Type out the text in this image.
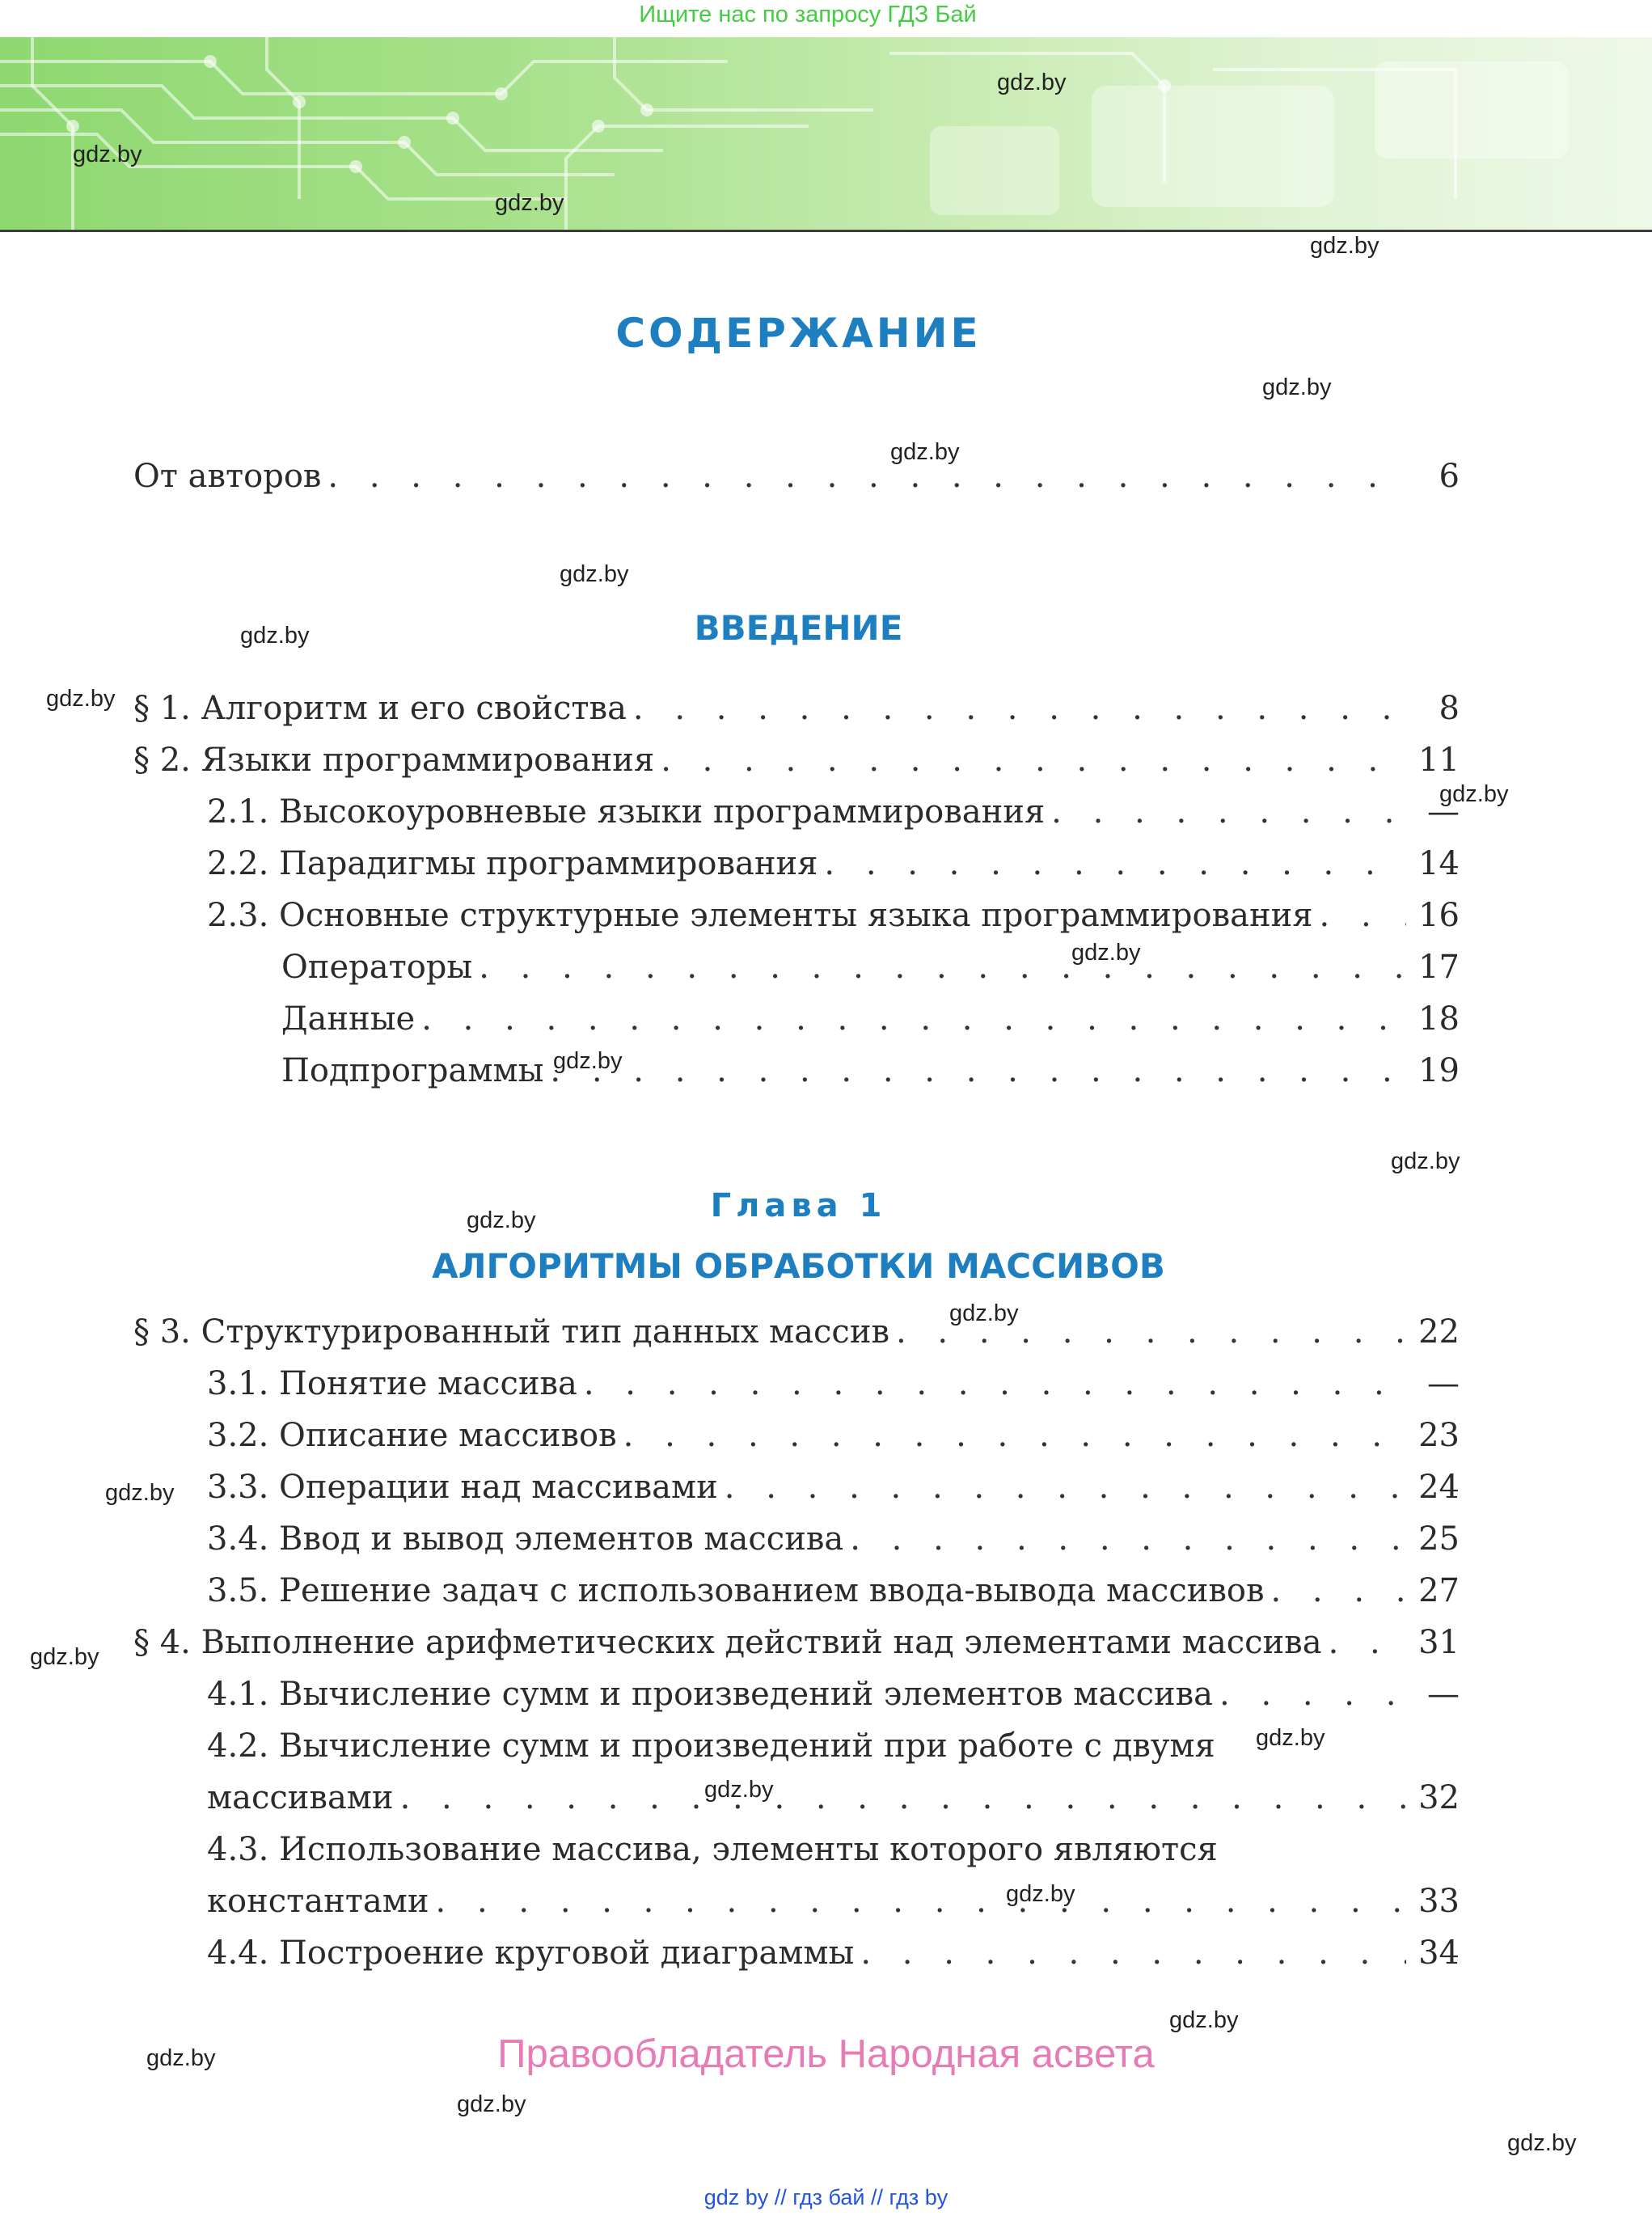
Ищите нас по запросу ГДЗ Бай
gdz.by
gdz.by
gdz.by
gdz.by
gdz.by
gdz.by
gdz.by
gdz.by
gdz.by
gdz.by
gdz.by
gdz.by
gdz.by
gdz.by
gdz.by
gdz.by
gdz.by
gdz.by
gdz.by
gdz.by
gdz.by
gdz.by
gdz.by
gdz.by
СОДЕРЖАНИЕ
ВВЕДЕНИЕ
Глава 1
АЛГОРИТМЫ ОБРАБОТКИ МАССИВОВ
От авторов . . .	6
§ 1. Алгоритм и его свойства . . .	8
§ 2. Языки программирования . . .	11
2.1. Высокоуровневые языки программирования . . .	—
2.2. Парадигмы программирования . . .	14
2.3. Основные структурные элементы языка программирования . . .	16
Операторы . . .	17
Данные . . .	18
Подпрограммы . . .	19
§ 3. Структурированный тип данных массив . . .	22
3.1. Понятие массива . . .	—
3.2. Описание массивов . . .	23
3.3. Операции над массивами . . .	24
3.4. Ввод и вывод элементов массива . . .	25
3.5. Решение задач с использованием ввода-вывода массивов . . .	27
§ 4. Выполнение арифметических действий над элементами массива . . .	31
4.1. Вычисление сумм и произведений элементов массива . . .	—
4.2. Вычисление сумм и произведений при работе с двумя
массивами . . .	32
4.3. Использование массива, элементы которого являются
константами . . .	33
4.4. Построение круговой диаграммы . . .	34
Правообладатель Народная асвета
gdz by // гдз бай // гдз by
